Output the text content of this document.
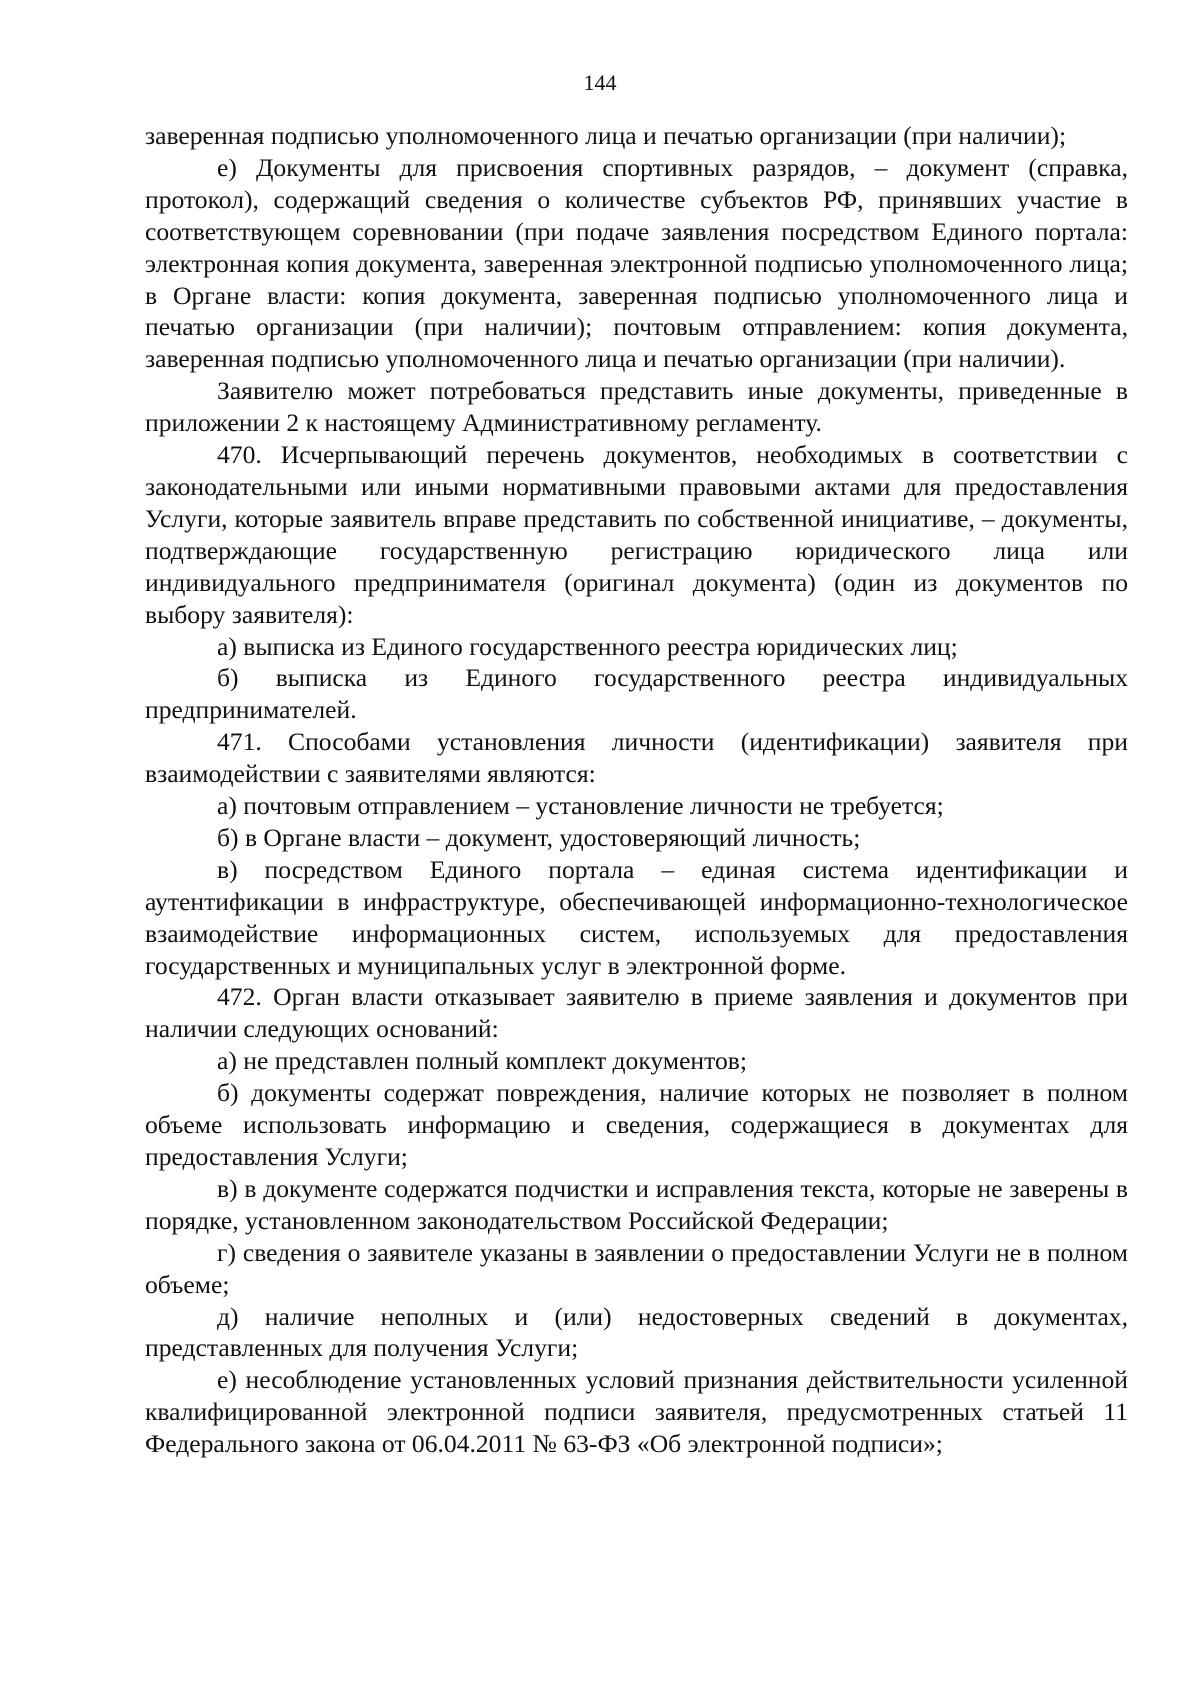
144

заверенная подписью уполномоченного лица и печатью организации (при наличии);

е) Документы для присвоения спортивных разрядов, – документ (справка, протокол), содержащий сведения о количестве субъектов РФ, принявших участие в соответствующем соревновании (при подаче заявления посредством Единого портала: электронная копия документа, заверенная электронной подписью уполномоченного лица; в Органе власти: копия документа, заверенная подписью уполномоченного лица и печатью организации (при наличии); почтовым отправлением: копия документа, заверенная подписью уполномоченного лица и печатью организации (при наличии).

Заявителю может потребоваться представить иные документы, приведенные в приложении 2 к настоящему Административному регламенту.

470. Исчерпывающий перечень документов, необходимых в соответствии с законодательными или иными нормативными правовыми актами для предоставления Услуги, которые заявитель вправе представить по собственной инициативе, – документы, подтверждающие государственную регистрацию юридического лица или индивидуального предпринимателя (оригинал документа) (один из документов по выбору заявителя):

а) выписка из Единого государственного реестра юридических лиц;

б) выписка из Единого государственного реестра индивидуальных предпринимателей.

471. Способами установления личности (идентификации) заявителя при взаимодействии с заявителями являются:

а) почтовым отправлением – установление личности не требуется;

б) в Органе власти – документ, удостоверяющий личность;

в) посредством Единого портала – единая система идентификации и аутентификации в инфраструктуре, обеспечивающей информационно-технологическое взаимодействие информационных систем, используемых для предоставления государственных и муниципальных услуг в электронной форме.

472. Орган власти отказывает заявителю в приеме заявления и документов при наличии следующих оснований:

а) не представлен полный комплект документов;

б) документы содержат повреждения, наличие которых не позволяет в полном объеме использовать информацию и сведения, содержащиеся в документах для предоставления Услуги;

в) в документе содержатся подчистки и исправления текста, которые не заверены в порядке, установленном законодательством Российской Федерации;

г) сведения о заявителе указаны в заявлении о предоставлении Услуги не в полном объеме;

д) наличие неполных и (или) недостоверных сведений в документах, представленных для получения Услуги;

е) несоблюдение установленных условий признания действительности усиленной квалифицированной электронной подписи заявителя, предусмотренных статьей 11 Федерального закона от 06.04.2011 № 63-ФЗ «Об электронной подписи»;
